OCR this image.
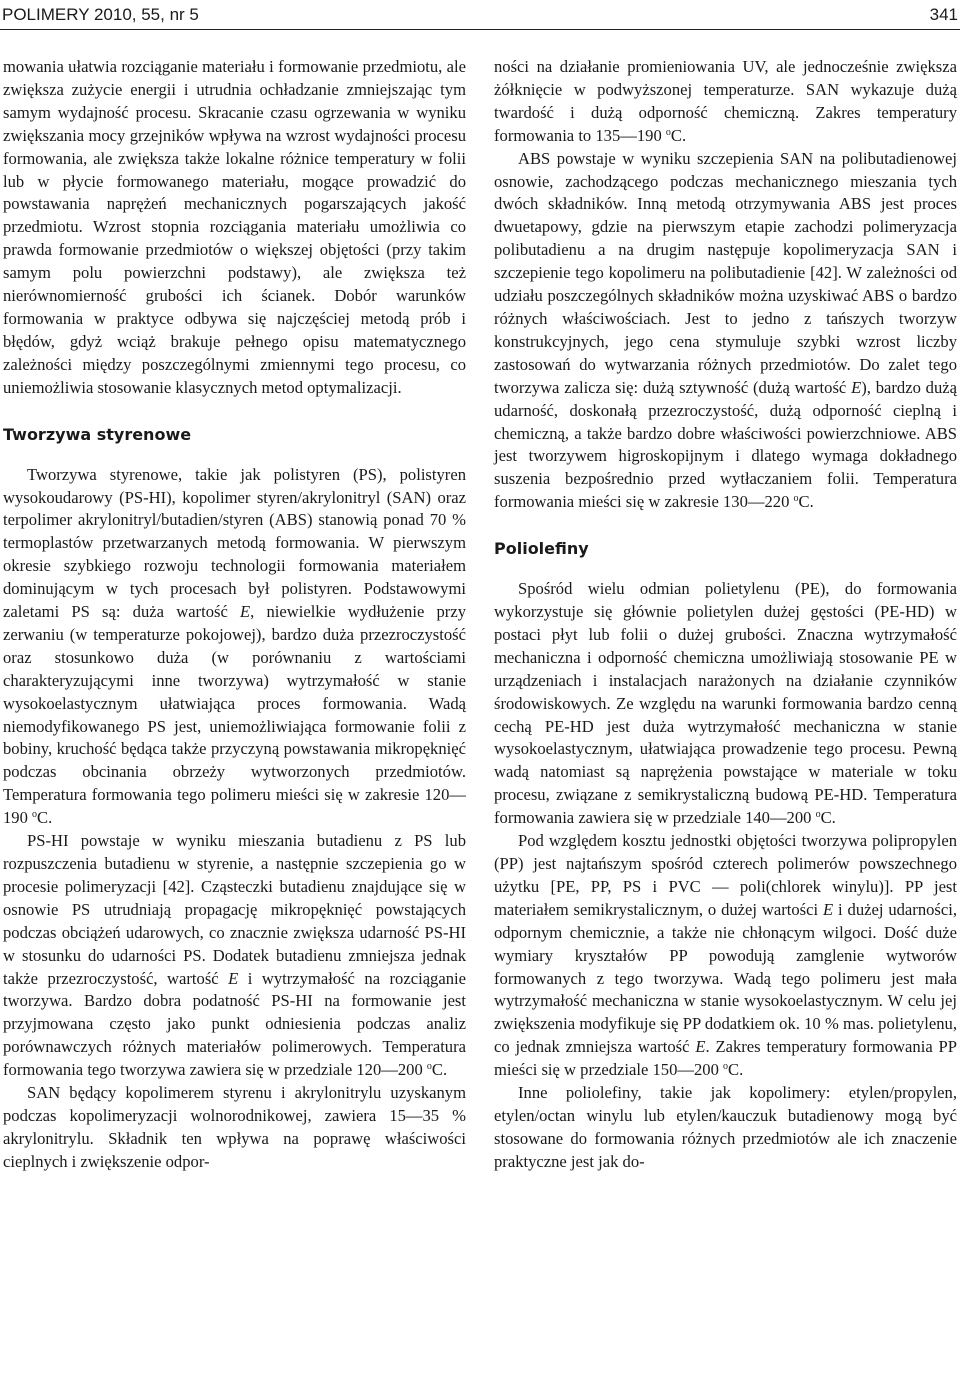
POLIMERY 2010, 55, nr 5	341

mowania ułatwia rozciąganie materiału i formowanie przedmiotu, ale zwiększa zużycie energii i utrudnia ochładzanie zmniejszając tym samym wydajność procesu. Skracanie czasu ogrzewania w wyniku zwiększania mocy grzejników wpływa na wzrost wydajności procesu formowania, ale zwiększa także lokalne różnice temperatury w folii lub w płycie formowanego materiału, mogące prowadzić do powstawania naprężeń mechanicznych pogarszających jakość przedmiotu. Wzrost stopnia rozciągania materiału umożliwia co prawda formowanie przedmiotów o większej objętości (przy takim samym polu powierzchni podstawy), ale zwiększa też nierównomierność grubości ich ścianek. Dobór warunków formowania w praktyce odbywa się najczęściej metodą prób i błędów, gdyż wciąż brakuje pełnego opisu matematycznego zależności między poszczególnymi zmiennymi tego procesu, co uniemożliwia stosowanie klasycznych metod optymalizacji.

Tworzywa styrenowe

Tworzywa styrenowe, takie jak polistyren (PS), polistyren wysokoudarowy (PS-HI), kopolimer styren/akrylonitryl (SAN) oraz terpolimer akrylonitryl/butadien/styren (ABS) stanowią ponad 70 % termoplastów przetwarzanych metodą formowania. W pierwszym okresie szybkiego rozwoju technologii formowania materiałem dominującym w tych procesach był polistyren. Podstawowymi zaletami PS są: duża wartość E, niewielkie wydłużenie przy zerwaniu (w temperaturze pokojowej), bardzo duża przezroczystość oraz stosunkowo duża (w porównaniu z wartościami charakteryzującymi inne tworzywa) wytrzymałość w stanie wysokoelastycznym ułatwiająca proces formowania. Wadą niemodyfikowanego PS jest, uniemożliwiająca formowanie folii z bobiny, kruchość będąca także przyczyną powstawania mikropęknięć podczas obcinania obrzeży wytworzonych przedmiotów. Temperatura formowania tego polimeru mieści się w zakresie 120—190 $^o$C.

PS-HI powstaje w wyniku mieszania butadienu z PS lub rozpuszczenia butadienu w styrenie, a następnie szczepienia go w procesie polimeryzacji [42]. Cząsteczki butadienu znajdujące się w osnowie PS utrudniają propagację mikropęknięć powstających podczas obciążeń udarowych, co znacznie zwiększa udarność PS-HI w stosunku do udarności PS. Dodatek butadienu zmniejsza jednak także przezroczystość, wartość E i wytrzymałość na rozciąganie tworzywa. Bardzo dobra podatność PS-HI na formowanie jest przyjmowana często jako punkt odniesienia podczas analiz porównawczych różnych materiałów polimerowych. Temperatura formowania tego tworzywa zawiera się w przedziale 120—200 $^o$C.

SAN będący kopolimerem styrenu i akrylonitrylu uzyskanym podczas kopolimeryzacji wolnorodnikowej, zawiera 15—35 % akrylonitrylu. Składnik ten wpływa na poprawę właściwości cieplnych i zwiększenie odpor-

ności na działanie promieniowania UV, ale jednocześnie zwiększa żółknięcie w podwyższonej temperaturze. SAN wykazuje dużą twardość i dużą odporność chemiczną. Zakres temperatury formowania to 135—190 $^o$C.

ABS powstaje w wyniku szczepienia SAN na polibutadienowej osnowie, zachodzącego podczas mechanicznego mieszania tych dwóch składników. Inną metodą otrzymywania ABS jest proces dwuetapowy, gdzie na pierwszym etapie zachodzi polimeryzacja polibutadienu a na drugim następuje kopolimeryzacja SAN i szczepienie tego kopolimeru na polibutadienie [42]. W zależności od udziału poszczególnych składników można uzyskiwać ABS o bardzo różnych właściwościach. Jest to jedno z tańszych tworzyw konstrukcyjnych, jego cena stymuluje szybki wzrost liczby zastosowań do wytwarzania różnych przedmiotów. Do zalet tego tworzywa zalicza się: dużą sztywność (dużą wartość E), bardzo dużą udarność, doskonałą przezroczystość, dużą odporność cieplną i chemiczną, a także bardzo dobre właściwości powierzchniowe. ABS jest tworzywem higroskopijnym i dlatego wymaga dokładnego suszenia bezpośrednio przed wytłaczaniem folii. Temperatura formowania mieści się w zakresie 130—220 $^o$C.

Poliolefiny

Spośród wielu odmian polietylenu (PE), do formowania wykorzystuje się głównie polietylen dużej gęstości (PE-HD) w postaci płyt lub folii o dużej grubości. Znaczna wytrzymałość mechaniczna i odporność chemiczna umożliwiają stosowanie PE w urządzeniach i instalacjach narażonych na działanie czynników środowiskowych. Ze względu na warunki formowania bardzo cenną cechą PE-HD jest duża wytrzymałość mechaniczna w stanie wysokoelastycznym, ułatwiająca prowadzenie tego procesu. Pewną wadą natomiast są naprężenia powstające w materiale w toku procesu, związane z semikrystaliczną budową PE-HD. Temperatura formowania zawiera się w przedziale 140—200 $^o$C.

Pod względem kosztu jednostki objętości tworzywa polipropylen (PP) jest najtańszym spośród czterech polimerów powszechnego użytku [PE, PP, PS i PVC — poli(chlorek winylu)]. PP jest materiałem semikrystalicznym, o dużej wartości E i dużej udarności, odpornym chemicznie, a także nie chłonącym wilgoci. Dość duże wymiary kryształów PP powodują zamglenie wytworów formowanych z tego tworzywa. Wadą tego polimeru jest mała wytrzymałość mechaniczna w stanie wysokoelastycznym. W celu jej zwiększenia modyfikuje się PP dodatkiem ok. 10 % mas. polietylenu, co jednak zmniejsza wartość E. Zakres temperatury formowania PP mieści się w przedziale 150—200 $^o$C.

Inne poliolefiny, takie jak kopolimery: etylen/propylen, etylen/octan winylu lub etylen/kauczuk butadienowy mogą być stosowane do formowania różnych przedmiotów ale ich znaczenie praktyczne jest jak do-
